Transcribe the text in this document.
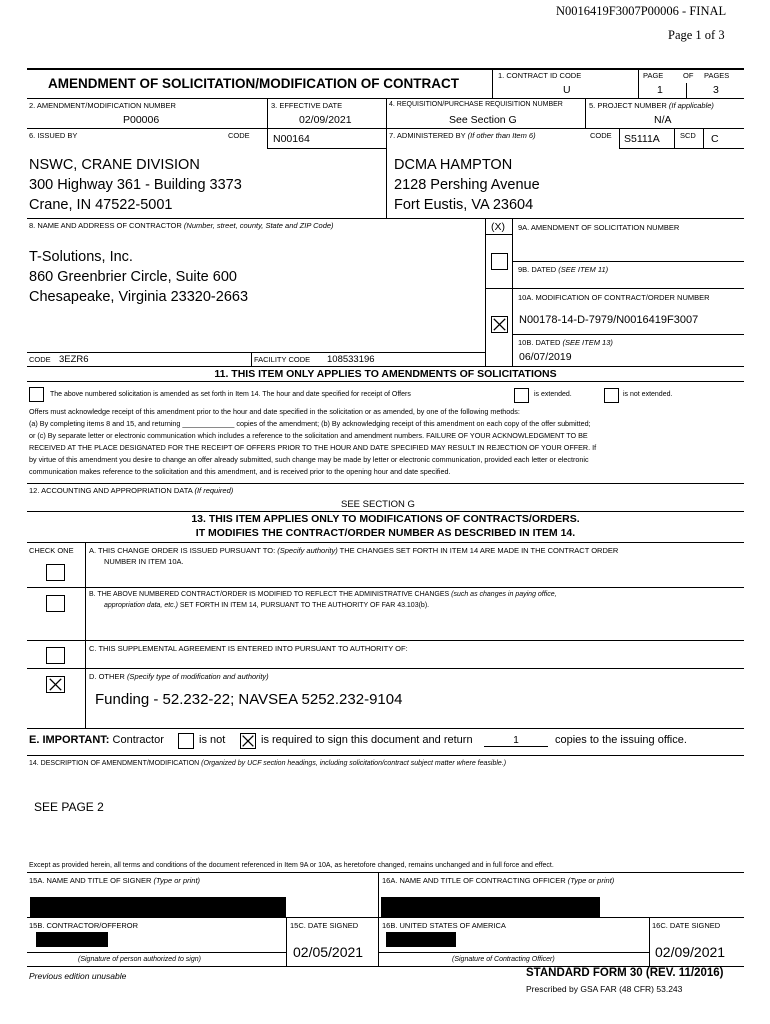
N0016419F3007P00006 - FINAL
Page 1 of 3
AMENDMENT OF SOLICITATION/MODIFICATION OF CONTRACT
1. CONTRACT ID CODE
U
PAGE	OF PAGES
1	3
2. AMENDMENT/MODIFICATION NUMBER
P00006
3. EFFECTIVE DATE
02/09/2021
4. REQUISITION/PURCHASE REQUISITION NUMBER
See Section G
5. PROJECT NUMBER (If applicable)
N/A
6. ISSUED BY	CODE N00164	7. ADMINISTERED BY (If other than Item 6)	CODE S5111A	SCD C
NSWC, CRANE DIVISION
300 Highway 361 - Building 3373
Crane, IN 47522-5001
DCMA HAMPTON
2128 Pershing Avenue
Fort Eustis, VA 23604
8. NAME AND ADDRESS OF CONTRACTOR (Number, street, county, State and ZIP Code)	(X) 9A. AMENDMENT OF SOLICITATION NUMBER
9B. DATED (SEE ITEM 11)
10A. MODIFICATION OF CONTRACT/ORDER NUMBER
N00178-14-D-7979/N0016419F3007
10B. DATED (SEE ITEM 13)
06/07/2019
T-Solutions, Inc.
860 Greenbrier Circle, Suite 600
Chesapeake, Virginia 23320-2663
CODE 3EZR6	FACILITY CODE 108533196
11. THIS ITEM ONLY APPLIES TO AMENDMENTS OF SOLICITATIONS
The above numbered solicitation is amended as set forth in Item 14. The hour and date specified for receipt of Offers	is extended.	is not extended.
Offers must acknowledge receipt of this amendment prior to the hour and date specified in the solicitation or as amended, by one of the following methods:
(a) By completing items 8 and 15, and returning _____________ copies of the amendment; (b) By acknowledging receipt of this amendment on each copy of the offer submitted;
or (c) By separate letter or electronic communication which includes a reference to the solicitation and amendment numbers. FAILURE OF YOUR ACKNOWLEDGMENT TO BE
RECEIVED AT THE PLACE DESIGNATED FOR THE RECEIPT OF OFFERS PRIOR TO THE HOUR AND DATE SPECIFIED MAY RESULT IN REJECTION OF YOUR OFFER. If
by virtue of this amendment you desire to change an offer already submitted, such change may be made by letter or electronic communication, provided each letter or electronic
communication makes reference to the solicitation and this amendment, and is received prior to the opening hour and date specified.
12. ACCOUNTING AND APPROPRIATION DATA (If required)
SEE SECTION G
13. THIS ITEM APPLIES ONLY TO MODIFICATIONS OF CONTRACTS/ORDERS.
IT MODIFIES THE CONTRACT/ORDER NUMBER AS DESCRIBED IN ITEM 14.
CHECK ONE A. THIS CHANGE ORDER IS ISSUED PURSUANT TO: (Specify authority) THE CHANGES SET FORTH IN ITEM 14 ARE MADE IN THE CONTRACT ORDER
NUMBER IN ITEM 10A.
B. THE ABOVE NUMBERED CONTRACT/ORDER IS MODIFIED TO REFLECT THE ADMINISTRATIVE CHANGES (such as changes in paying office,
appropriation data, etc.) SET FORTH IN ITEM 14, PURSUANT TO THE AUTHORITY OF FAR 43.103(b).
C. THIS SUPPLEMENTAL AGREEMENT IS ENTERED INTO PURSUANT TO AUTHORITY OF:
D. OTHER (Specify type of modification and authority)
Funding - 52.232-22; NAVSEA 5252.232-9104
E. IMPORTANT: Contractor	is not	is required to sign this document and return	1	copies to the issuing office.
14. DESCRIPTION OF AMENDMENT/MODIFICATION (Organized by UCF section headings, including solicitation/contract subject matter where feasible.)
SEE PAGE 2
Except as provided herein, all terms and conditions of the document referenced in Item 9A or 10A, as heretofore changed, remains unchanged and in full force and effect.
15A. NAME AND TITLE OF SIGNER (Type or print)	16A. NAME AND TITLE OF CONTRACTING OFFICER (Type or print)
15B. CONTRACTOR/OFFEROR
(Signature of person authorized to sign)
15C. DATE SIGNED
02/05/2021
16B. UNITED STATES OF AMERICA
(Signature of Contracting Officer)
16C. DATE SIGNED
02/09/2021
Previous edition unusable	STANDARD FORM 30 (REV. 11/2016)
Prescribed by GSA FAR (48 CFR) 53.243
